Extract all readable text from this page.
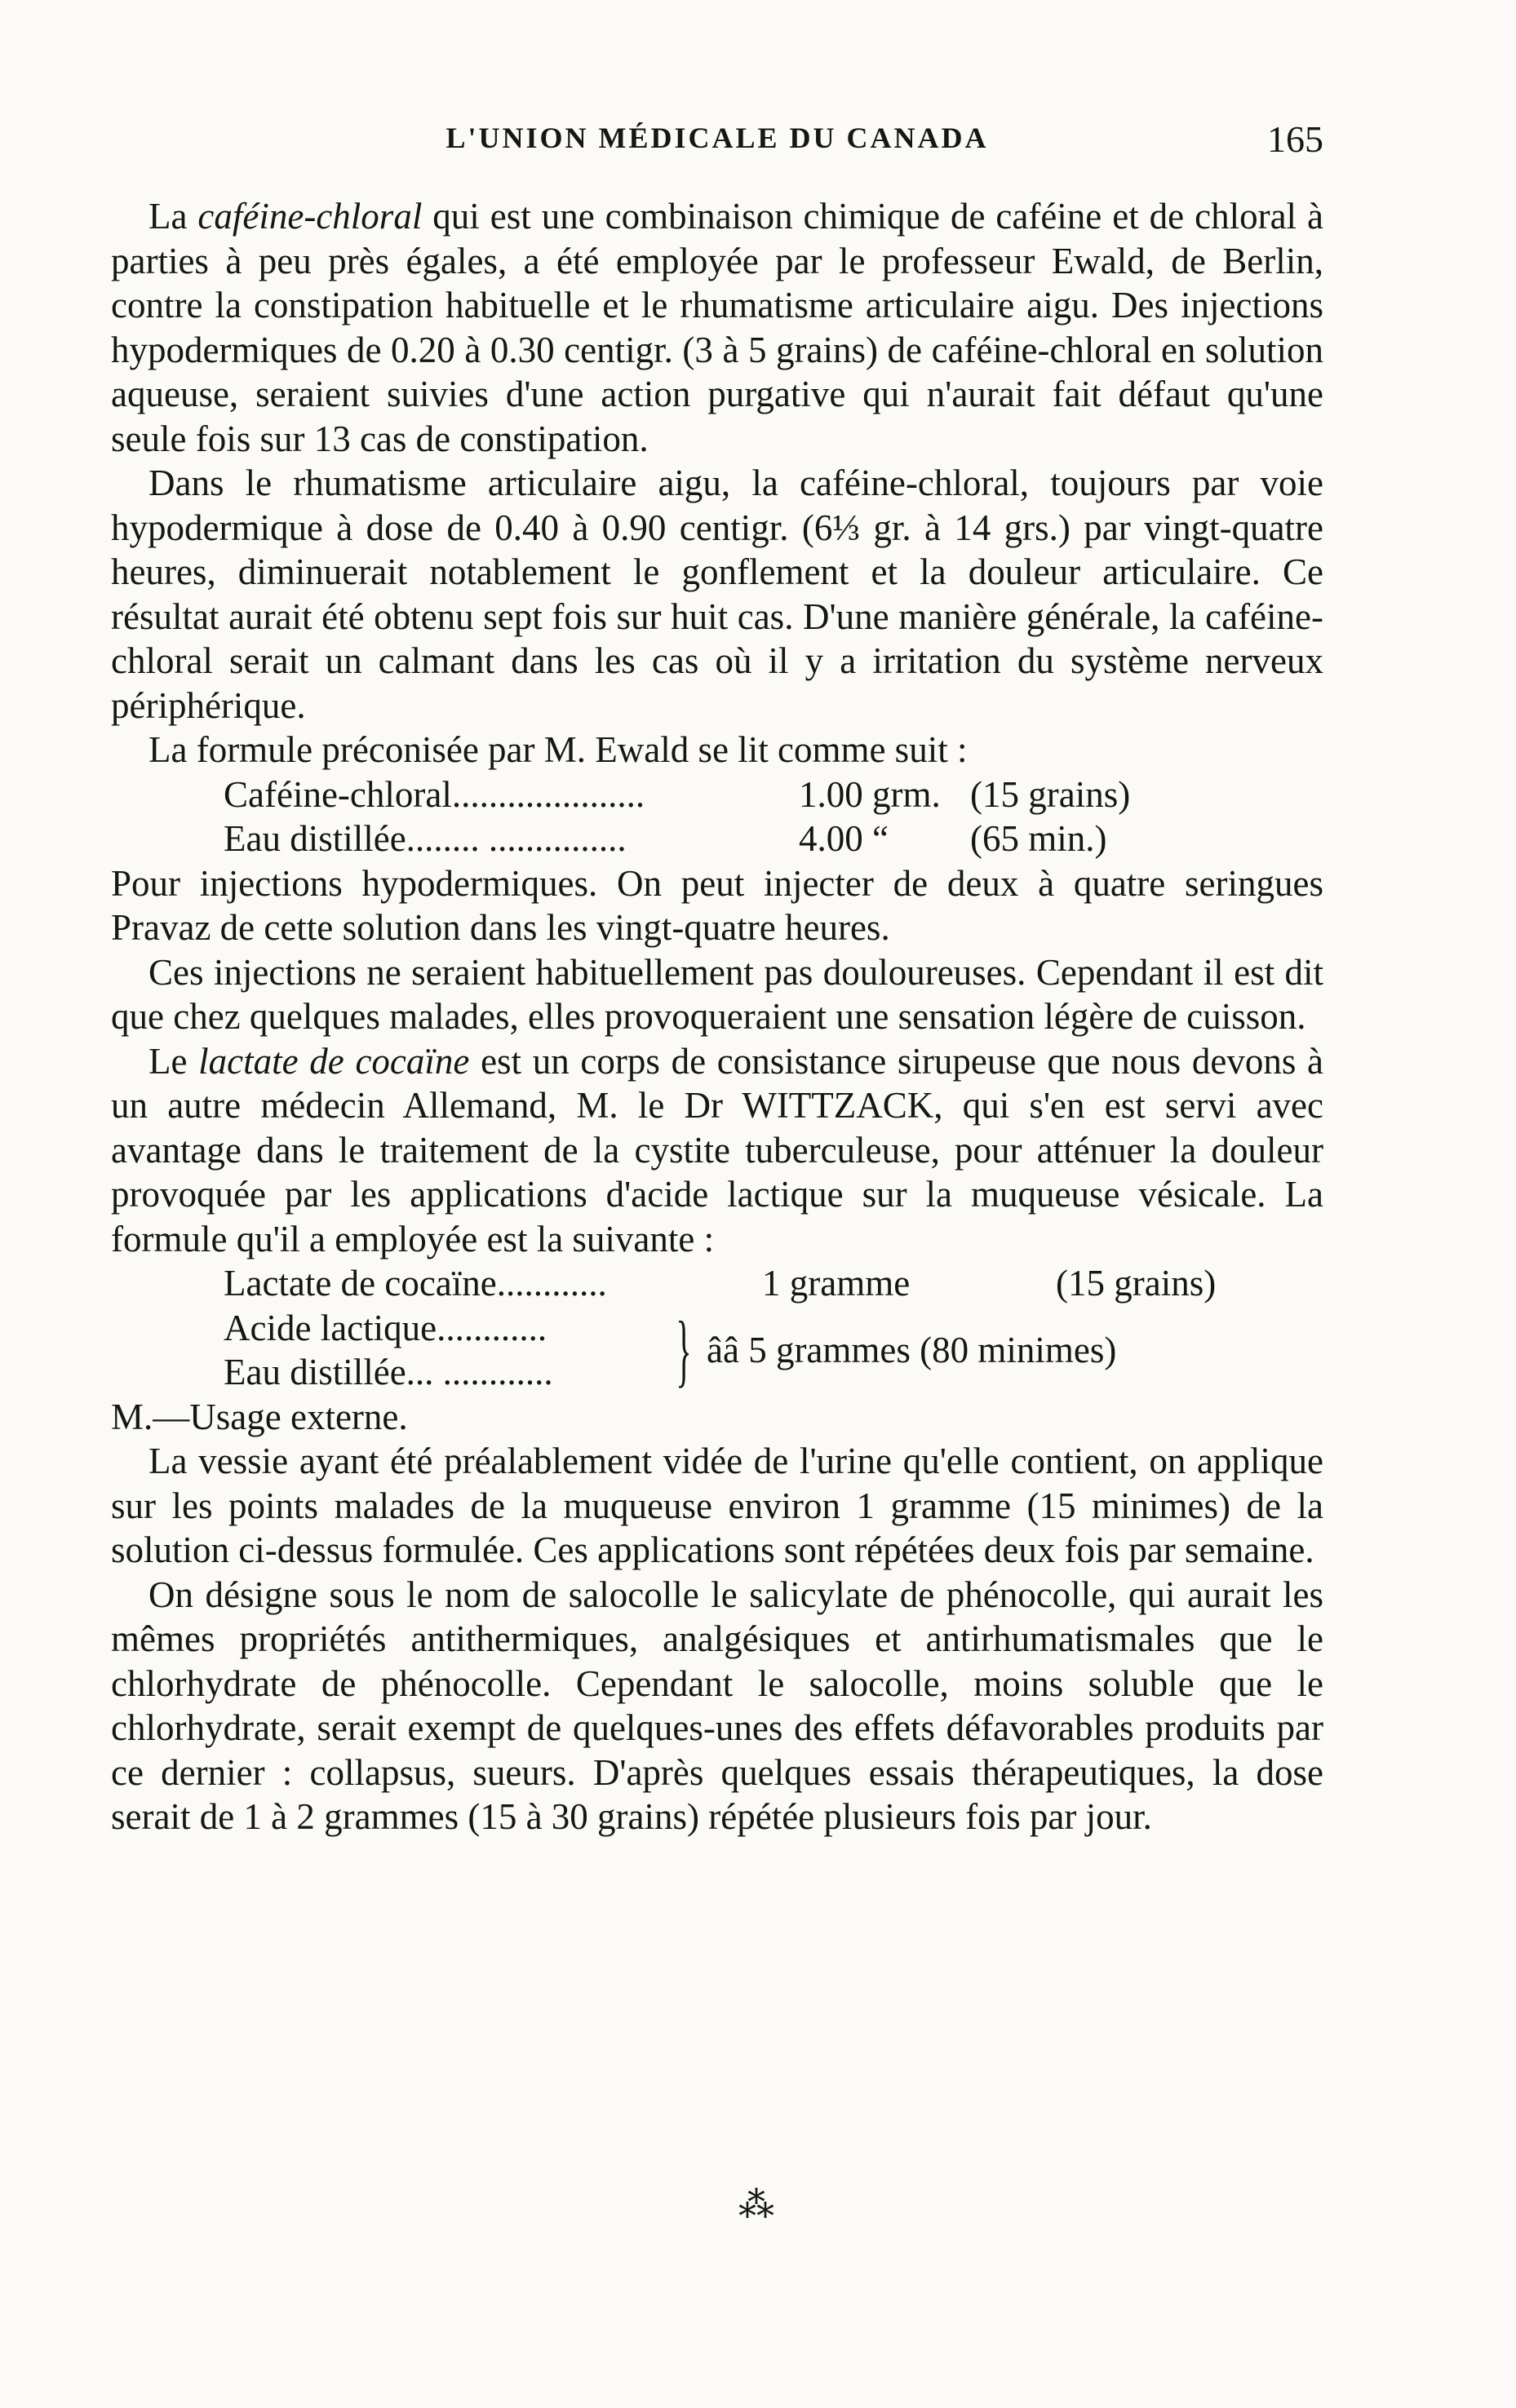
L'UNION MÉDICALE DU CANADA	165

La caféine-chloral qui est une combinaison chimique de caféine et de chloral à parties à peu près égales, a été employée par le professeur Ewald, de Berlin, contre la constipation habituelle et le rhumatisme articulaire aigu. Des injections hypodermiques de 0.20 à 0.30 centigr. (3 à 5 grains) de caféine-chloral en solution aqueuse, seraient suivies d'une action purgative qui n'aurait fait défaut qu'une seule fois sur 13 cas de constipation.

Dans le rhumatisme articulaire aigu, la caféine-chloral, toujours par voie hypodermique à dose de 0.40 à 0.90 centigr. (6⅓ gr. à 14 grs.) par vingt-quatre heures, diminuerait notablement le gonflement et la douleur articulaire. Ce résultat aurait été obtenu sept fois sur huit cas. D'une manière générale, la caféine-chloral serait un calmant dans les cas où il y a irritation du système nerveux périphérique.

La formule préconisée par M. Ewald se lit comme suit :

Caféine-chloral.....................	1.00 grm. (15 grains)
Eau distillée........ ...............	4.00 “	(65 min.)

Pour injections hypodermiques. On peut injecter de deux à quatre seringues Pravaz de cette solution dans les vingt-quatre heures.

Ces injections ne seraient habituellement pas douloureuses. Cependant il est dit que chez quelques malades, elles provoqueraient une sensation légère de cuisson.

Le lactate de cocaïne est un corps de consistance sirupeuse que nous devons à un autre médecin Allemand, M. le Dr WITTZACK, qui s'en est servi avec avantage dans le traitement de la cystite tuberculeuse, pour atténuer la douleur provoquée par les applications d'acide lactique sur la muqueuse vésicale. La formule qu'il a employée est la suivante :

Lactate de cocaïne............	1 gramme	(15 grains)
Acide lactique............
Eau distillée... ............	} ââ 5 grammes (80 minimes)

M.—Usage externe.

La vessie ayant été préalablement vidée de l'urine qu'elle contient, on applique sur les points malades de la muqueuse environ 1 gramme (15 minimes) de la solution ci-dessus formulée. Ces applications sont répétées deux fois par semaine.

On désigne sous le nom de salocolle le salicylate de phénocolle, qui aurait les mêmes propriétés antithermiques, analgésiques et antirhumatismales que le chlorhydrate de phénocolle. Cependant le salocolle, moins soluble que le chlorhydrate, serait exempt de quelques-unes des effets défavorables produits par ce dernier : collapsus, sueurs. D'après quelques essais thérapeutiques, la dose serait de 1 à 2 grammes (15 à 30 grains) répétée plusieurs fois par jour.

⁂
